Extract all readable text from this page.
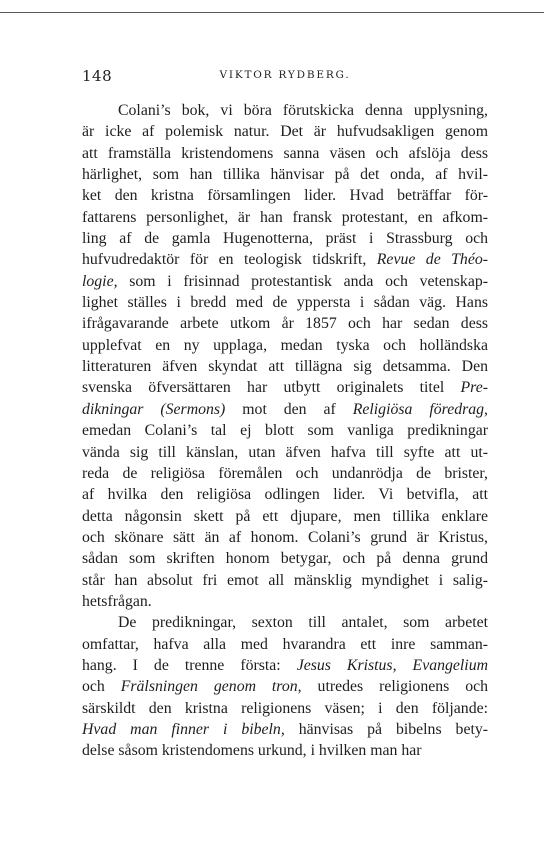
148	VIKTOR RYDBERG.
Colani’s bok, vi böra förutskicka denna upplysning,
är icke af polemisk natur. Det är hufvudsakligen genom
att framställa kristendomens sanna väsen och afslöja dess
härlighet, som han tillika hänvisar på det onda, af hvil-
ket den kristna församlingen lider. Hvad beträffar för-
fattarens personlighet, är han fransk protestant, en afkom-
ling af de gamla Hugenotterna, präst i Strassburg och
hufvudredaktör för en teologisk tidskrift, Revue de Théo-
logie, som i frisinnad protestantisk anda och vetenskap-
lighet ställes i bredd med de yppersta i sådan väg. Hans
ifrågavarande arbete utkom år 1857 och har sedan dess
upplefvat en ny upplaga, medan tyska och holländska
litteraturen äfven skyndat att tillägna sig detsamma. Den
svenska öfversättaren har utbytt originalets titel Pre-
dikningar (Sermons) mot den af Religiösa föredrag,
emedan Colani’s tal ej blott som vanliga predikningar
vända sig till känslan, utan äfven hafva till syfte att ut-
reda de religiösa föremålen och undanrödja de brister,
af hvilka den religiösa odlingen lider. Vi betvifla, att
detta någonsin skett på ett djupare, men tillika enklare
och skönare sätt än af honom. Colani’s grund är Kristus,
sådan som skriften honom betygar, och på denna grund
står han absolut fri emot all mänsklig myndighet i salig-
hetsfrågan.
De predikningar, sexton till antalet, som arbetet
omfattar, hafva alla med hvarandra ett inre samman-
hang. I de trenne första: Jesus Kristus, Evangelium
och Frälsningen genom tron, utredes religionens och
särskildt den kristna religionens väsen; i den följande:
Hvad man finner i bibeln, hänvisas på bibelns bety-
delse såsom kristendomens urkund, i hvilken man har
